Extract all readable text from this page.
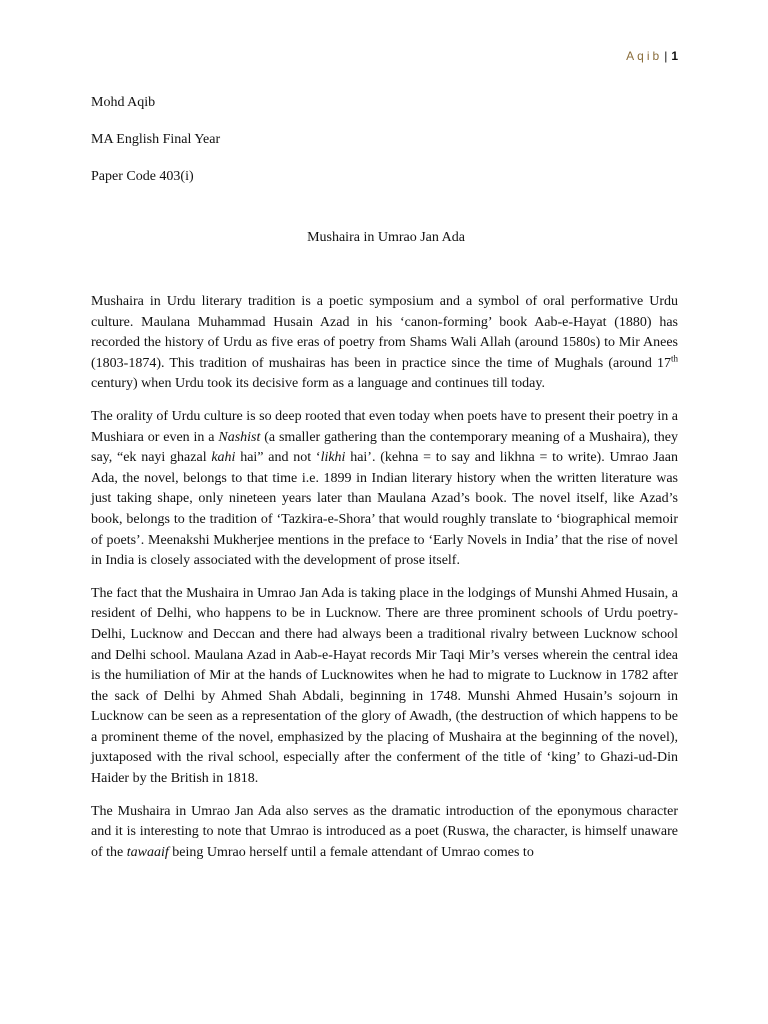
Aqib | 1
Mohd Aqib
MA English Final Year
Paper Code 403(i)
Mushaira in Umrao Jan Ada

Mushaira in Urdu literary tradition is a poetic symposium and a symbol of oral performative Urdu culture. Maulana Muhammad Husain Azad in his ‘canon-forming’ book Aab-e-Hayat (1880) has recorded the history of Urdu as five eras of poetry from Shams Wali Allah (around 1580s) to Mir Anees (1803-1874). This tradition of mushairas has been in practice since the time of Mughals (around 17th century) when Urdu took its decisive form as a language and continues till today.

The orality of Urdu culture is so deep rooted that even today when poets have to present their poetry in a Mushiara or even in a Nashist (a smaller gathering than the contemporary meaning of a Mushaira), they say, “ek nayi ghazal kahi hai” and not ‘likhi hai’. (kehna = to say and likhna = to write). Umrao Jaan Ada, the novel, belongs to that time i.e. 1899 in Indian literary history when the written literature was just taking shape, only nineteen years later than Maulana Azad’s book. The novel itself, like Azad’s book, belongs to the tradition of ‘Tazkira-e-Shora’ that would roughly translate to ‘biographical memoir of poets’. Meenakshi Mukherjee mentions in the preface to ‘Early Novels in India’ that the rise of novel in India is closely associated with the development of prose itself.

The fact that the Mushaira in Umrao Jan Ada is taking place in the lodgings of Munshi Ahmed Husain, a resident of Delhi, who happens to be in Lucknow. There are three prominent schools of Urdu poetry- Delhi, Lucknow and Deccan and there had always been a traditional rivalry between Lucknow school and Delhi school. Maulana Azad in Aab-e-Hayat records Mir Taqi Mir’s verses wherein the central idea is the humiliation of Mir at the hands of Lucknowites when he had to migrate to Lucknow in 1782 after the sack of Delhi by Ahmed Shah Abdali, beginning in 1748. Munshi Ahmed Husain’s sojourn in Lucknow can be seen as a representation of the glory of Awadh, (the destruction of which happens to be a prominent theme of the novel, emphasized by the placing of Mushaira at the beginning of the novel), juxtaposed with the rival school, especially after the conferment of the title of ‘king’ to Ghazi-ud-Din Haider by the British in 1818.

The Mushaira in Umrao Jan Ada also serves as the dramatic introduction of the eponymous character and it is interesting to note that Umrao is introduced as a poet (Ruswa, the character, is himself unaware of the tawaaif being Umrao herself until a female attendant of Umrao comes to
